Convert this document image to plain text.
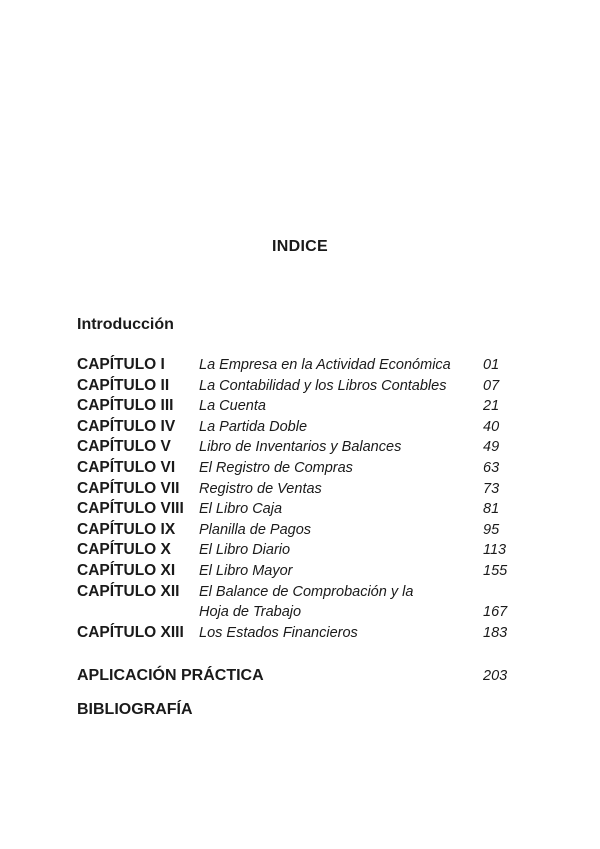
INDICE
Introducción
CAPÍTULO I La Empresa en la Actividad Económica 01
CAPÍTULO II La Contabilidad y los Libros Contables	07
CAPÍTULO III La Cuenta	21
CAPÍTULO IV La Partida Doble	40
CAPÍTULO V Libro de Inventarios y Balances	49
CAPÍTULO VI El Registro de Compras	63
CAPÍTULO VII Registro de Ventas	73
CAPÍTULO VIII El Libro Caja	81
CAPÍTULO IX Planilla de Pagos	95
CAPÍTULO X El Libro Diario	113
CAPÍTULO XI El Libro Mayor	155
CAPÍTULO XII El Balance de Comprobación y la
Hoja de Trabajo	167
CAPÍTULO XIII Los Estados Financieros	183
APLICACIÓN PRÁCTICA	203
BIBLIOGRAFÍA
